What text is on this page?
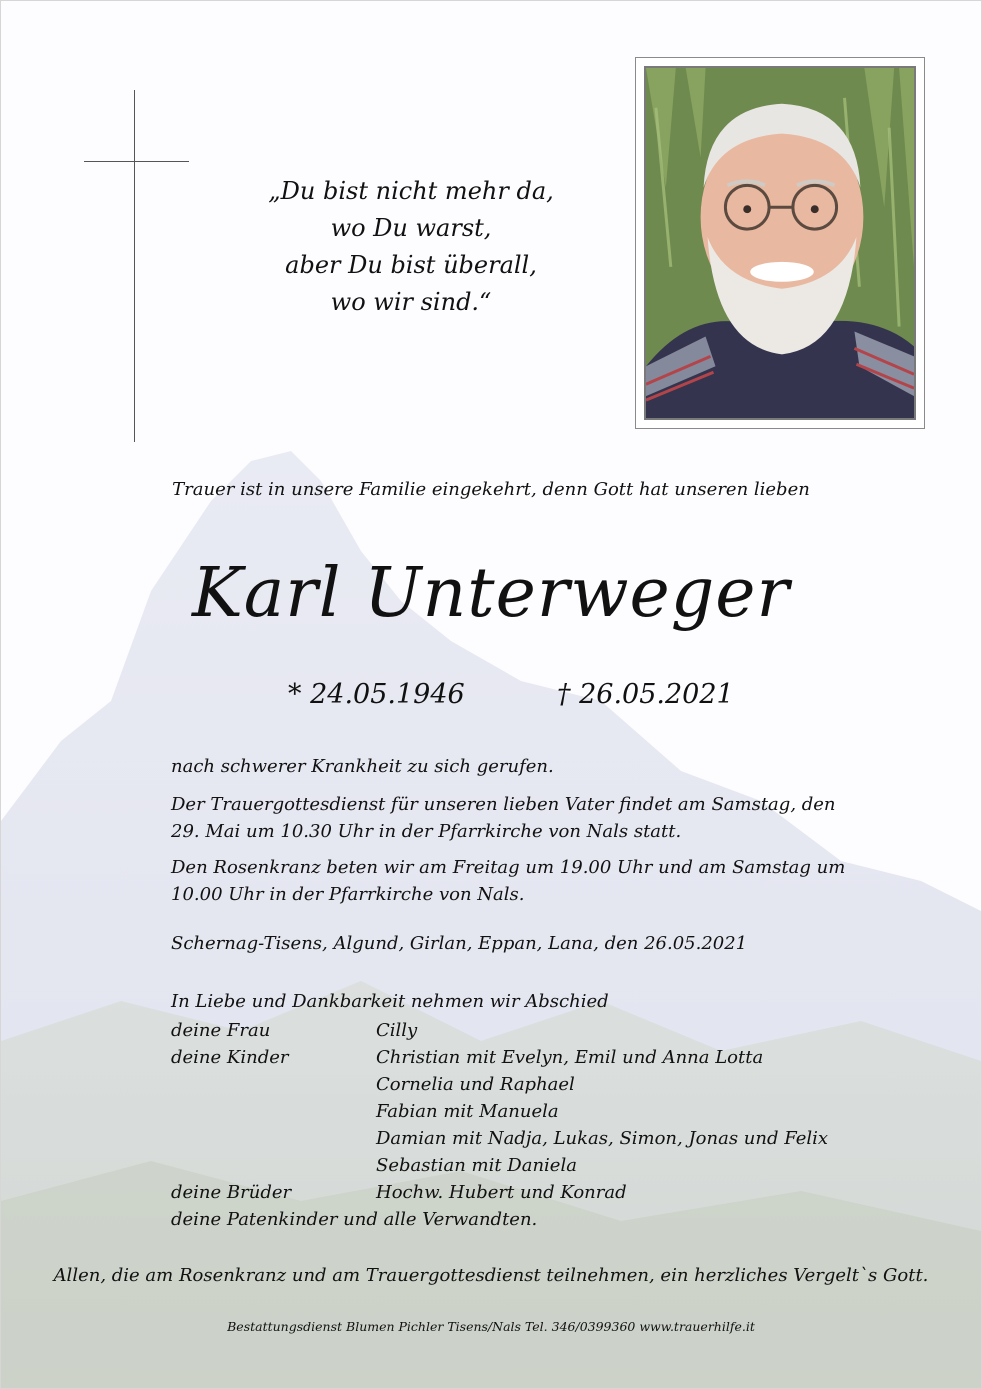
„Du bist nicht mehr da,
wo Du warst,
aber Du bist überall,
wo wir sind.“
Trauer ist in unsere Familie eingekehrt, denn Gott hat unseren lieben
Karl Unterweger
* 24.05.1946	† 26.05.2021
nach schwerer Krankheit zu sich gerufen.
Der Trauergottesdienst für unseren lieben Vater findet am Samstag, den
29. Mai um 10.30 Uhr in der Pfarrkirche von Nals statt.
Den Rosenkranz beten wir am Freitag um 19.00 Uhr und am Samstag um
10.00 Uhr in der Pfarrkirche von Nals.
Schernag-Tisens, Algund, Girlan, Eppan, Lana, den 26.05.2021
In Liebe und Dankbarkeit nehmen wir Abschied
deine Frau	Cilly
deine Kinder	Christian mit Evelyn, Emil und Anna Lotta
Cornelia und Raphael
Fabian mit Manuela
Damian mit Nadja, Lukas, Simon, Jonas und Felix
Sebastian mit Daniela
deine Brüder	Hochw. Hubert und Konrad
deine Patenkinder und alle Verwandten.
Allen, die am Rosenkranz und am Trauergottesdienst teilnehmen, ein herzliches Vergelt`s Gott.
Bestattungsdienst Blumen Pichler Tisens/Nals Tel. 346/0399360 www.trauerhilfe.it
